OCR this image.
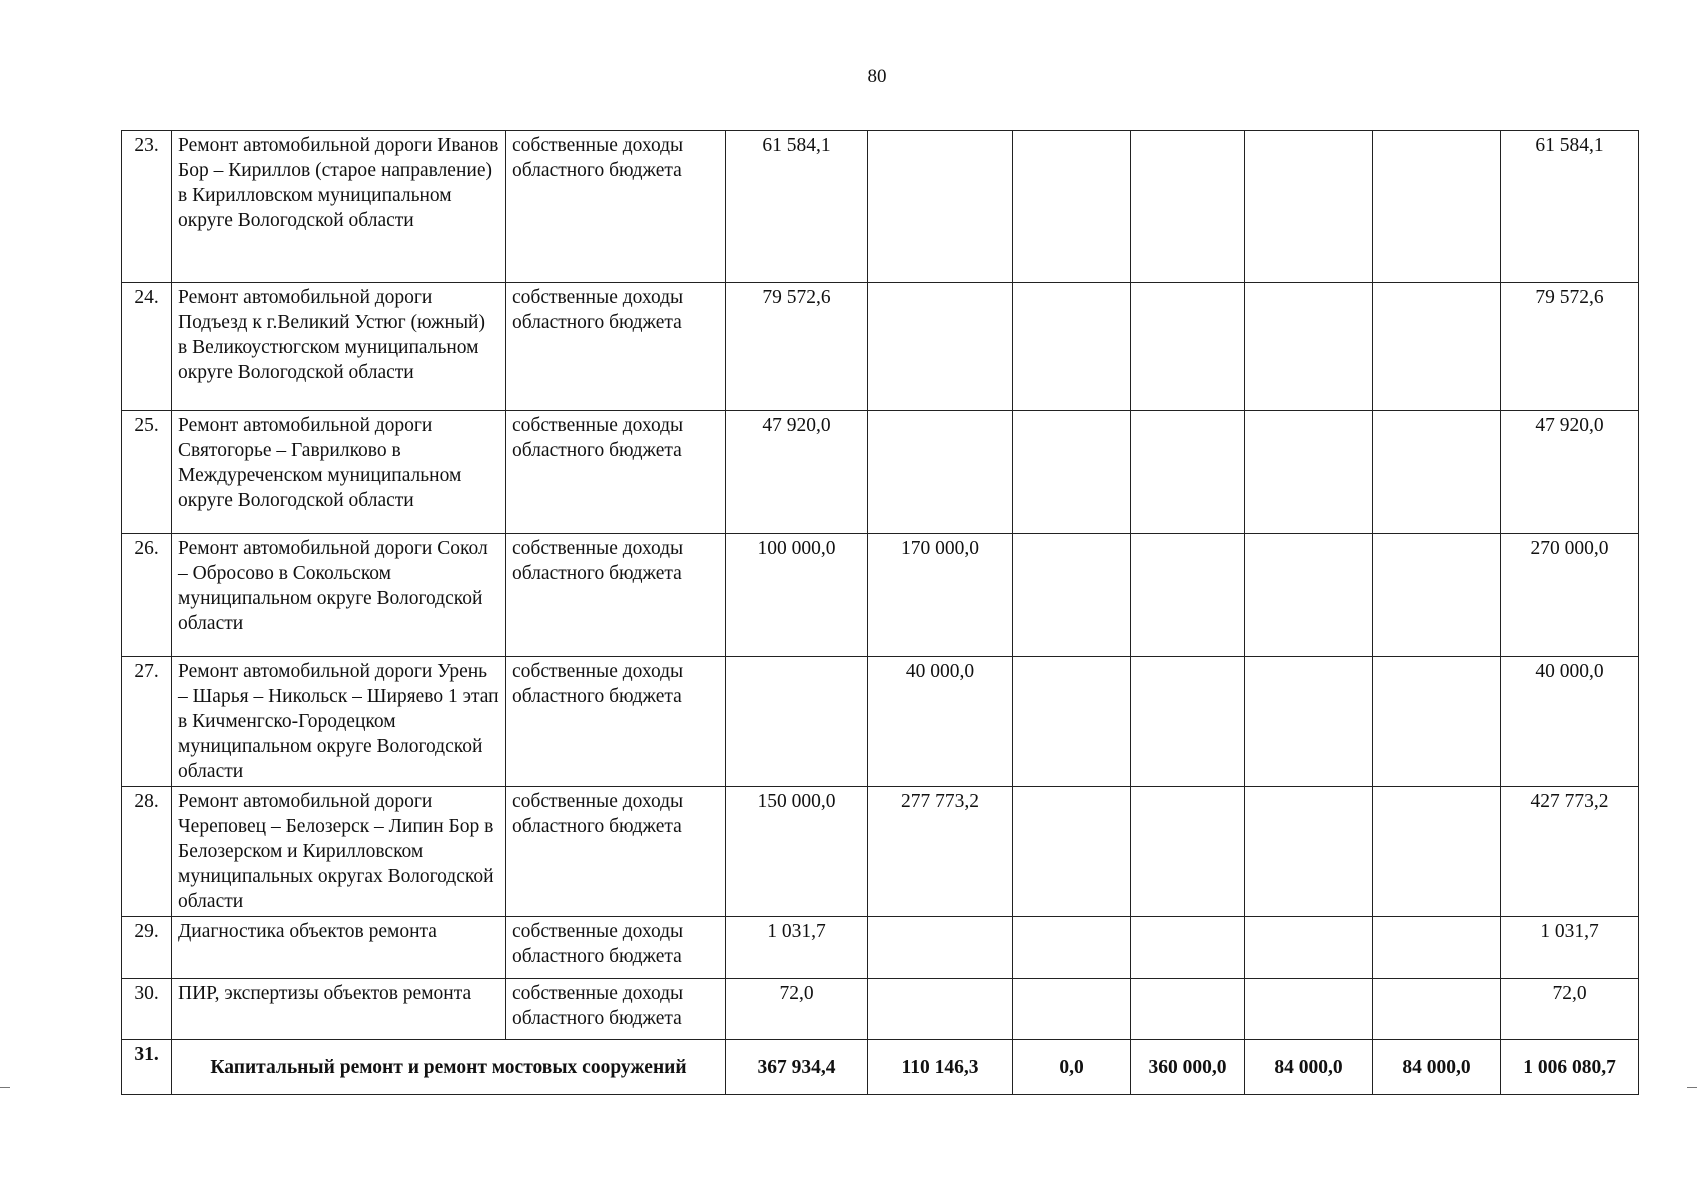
80
23.	Ремонт автомобильной дороги Иванов Бор – Кириллов (старое направление) в Кирилловском муниципальном округе Вологодской области	собственные доходы областного бюджета	61 584,1						61 584,1
24.	Ремонт автомобильной дороги Подъезд к г.Великий Устюг (южный) в Великоустюгском муниципальном округе Вологодской области	собственные доходы областного бюджета	79 572,6						79 572,6
25.	Ремонт автомобильной дороги Святогорье – Гаврилково в Междуреченском муниципальном округе Вологодской области	собственные доходы областного бюджета	47 920,0						47 920,0
26.	Ремонт автомобильной дороги Сокол – Обросово в Сокольском муниципальном округе Вологодской области	собственные доходы областного бюджета	100 000,0	170 000,0					270 000,0
27.	Ремонт автомобильной дороги Урень – Шарья – Никольск – Ширяево 1 этап в Кичменгско-Городецком муниципальном округе Вологодской области	собственные доходы областного бюджета		40 000,0					40 000,0
28.	Ремонт автомобильной дороги Череповец – Белозерск – Липин Бор в Белозерском и Кирилловском муниципальных округах Вологодской области	собственные доходы областного бюджета	150 000,0	277 773,2					427 773,2
29.	Диагностика объектов ремонта	собственные доходы областного бюджета	1 031,7						1 031,7
30.	ПИР, экспертизы объектов ремонта	собственные доходы областного бюджета	72,0						72,0
31.	Капитальный ремонт и ремонт мостовых сооружений		367 934,4	110 146,3	0,0	360 000,0	84 000,0	84 000,0	1 006 080,7
